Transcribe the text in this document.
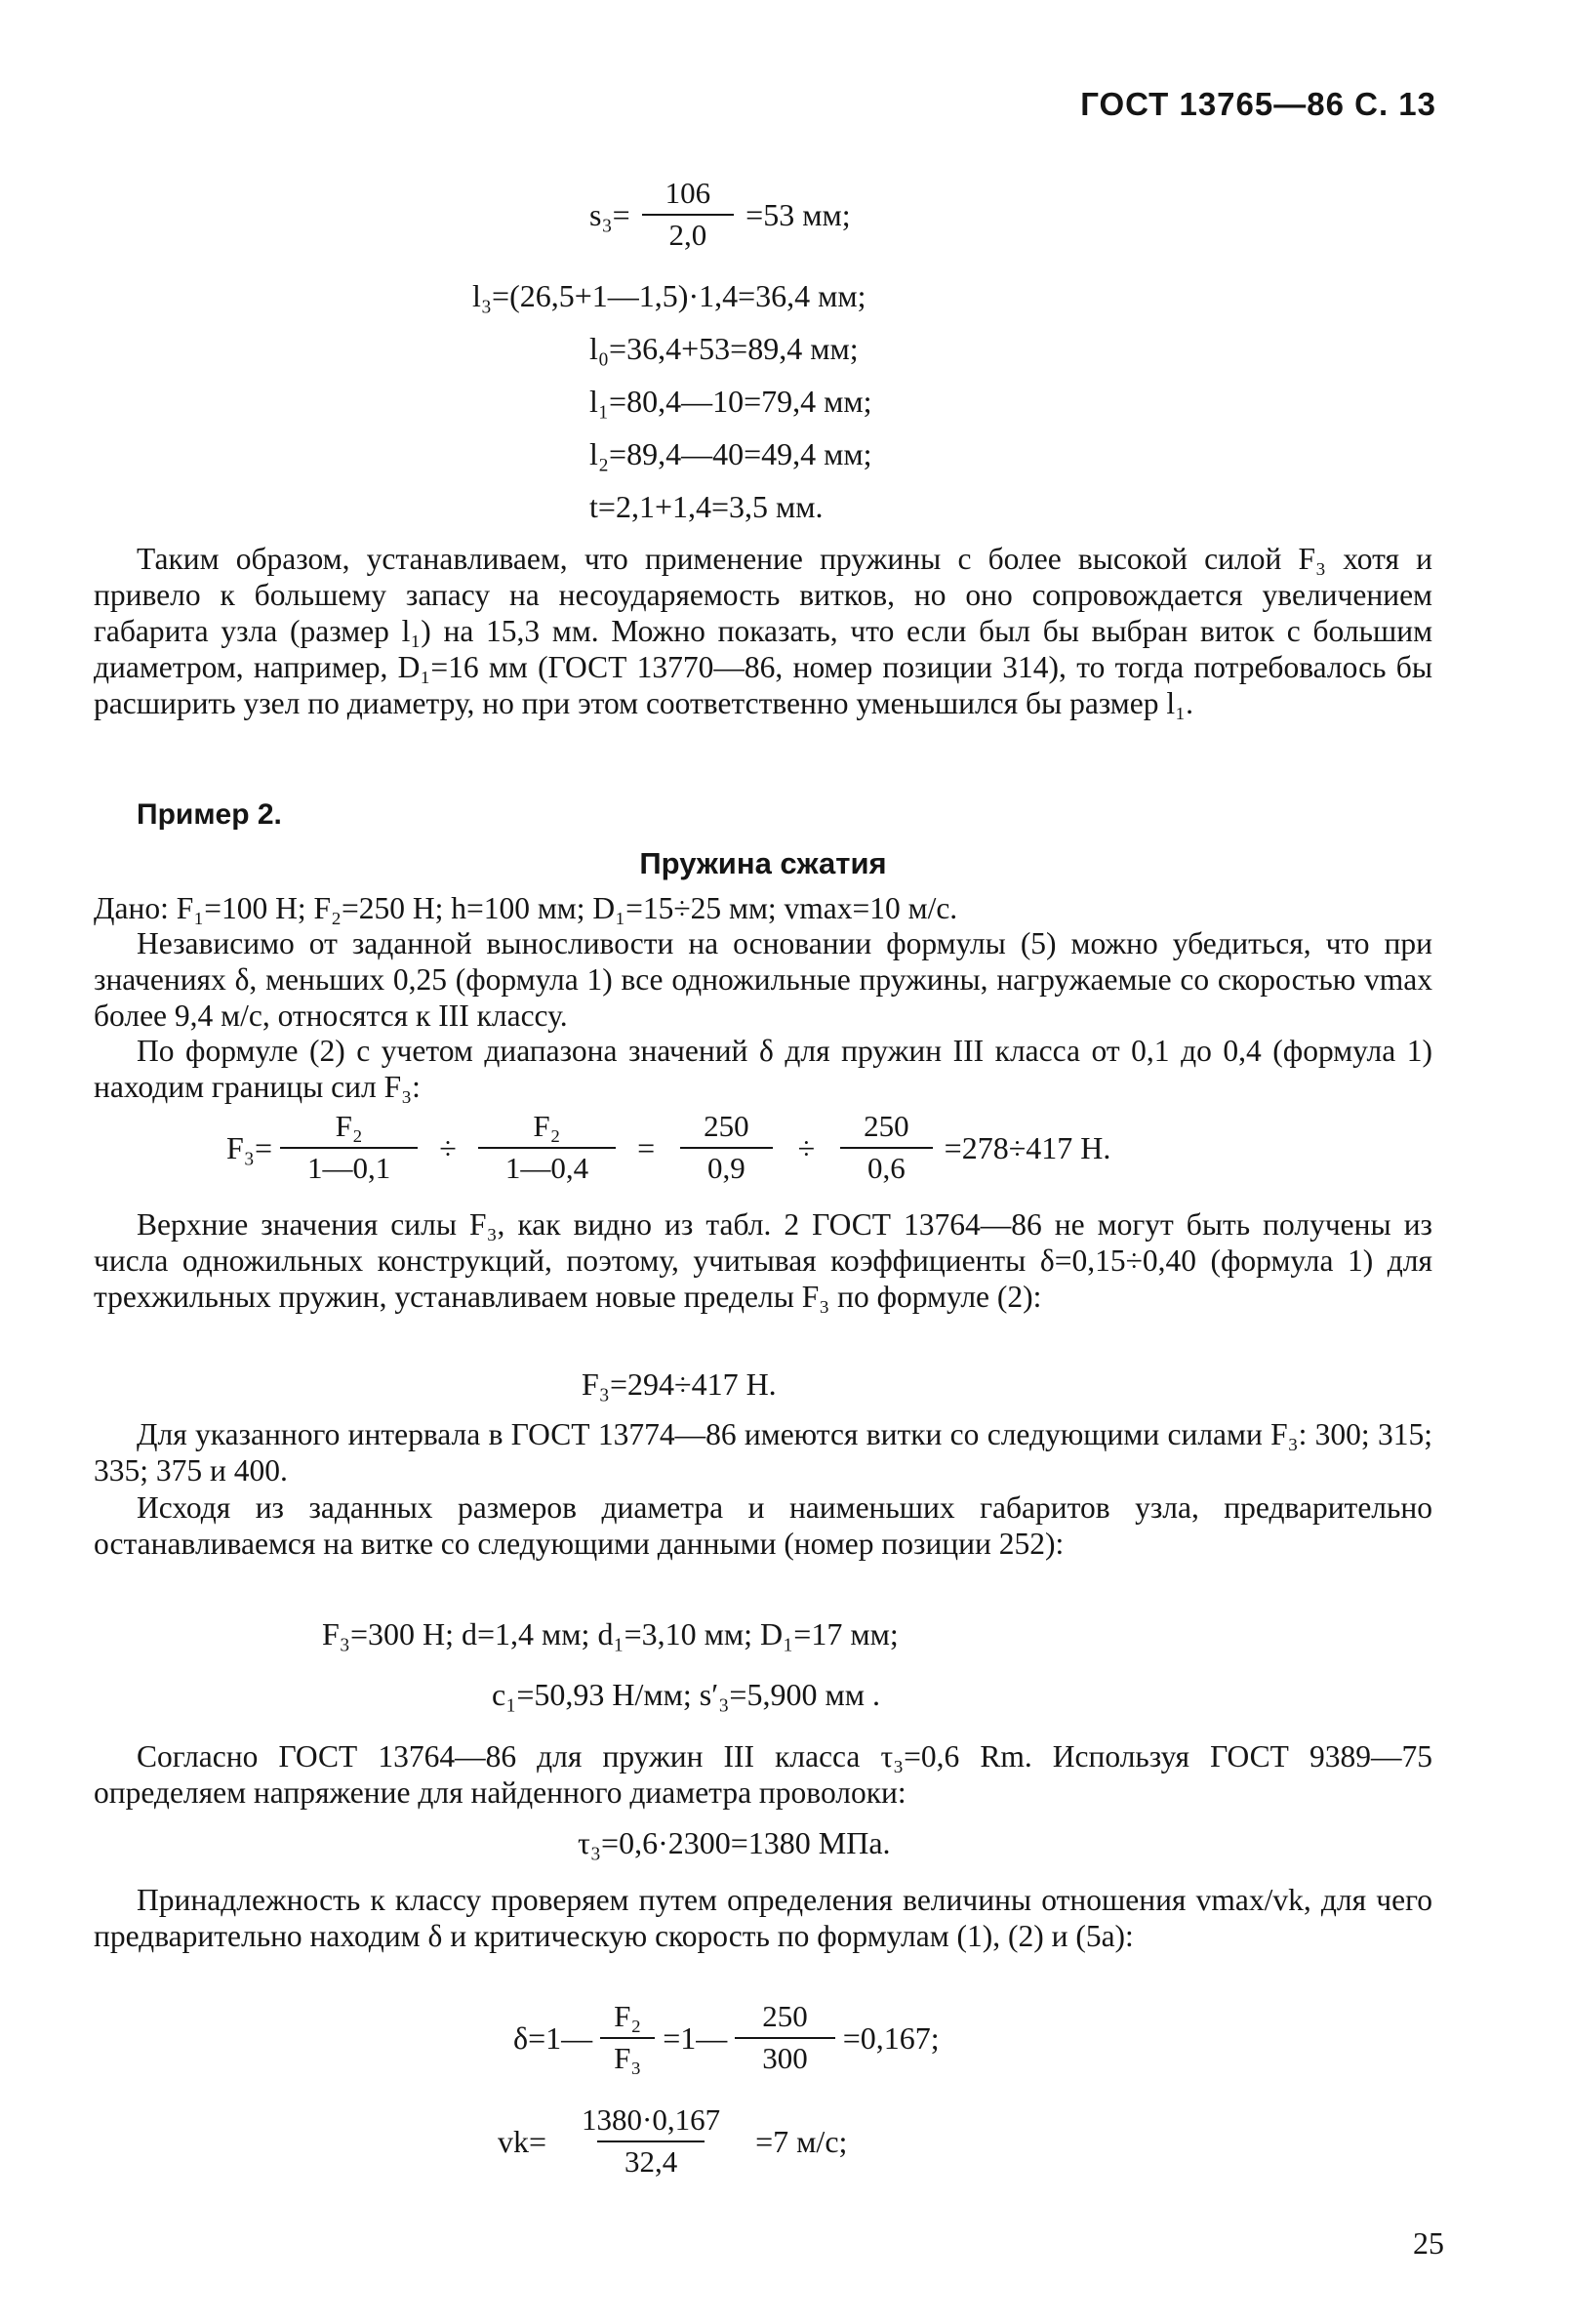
ГОСТ 13765—86 С. 13
$s_3= \frac{106}{2,0} =53$ мм;
l₃=(26,5+1—1,5)·1,4=36,4 мм;
l₀=36,4+53=89,4 мм;
l₁=80,4—10=79,4 мм;
l₂=89,4—40=49,4 мм;
t=2,1+1,4=3,5 мм.
Таким образом, устанавливаем, что применение пружины с более высокой силой F₃ хотя и привело к большему запасу на несоударяемость витков, но оно сопровождается увеличением габарита узла (размер l₁) на 15,3 мм. Можно показать, что если был бы выбран виток с большим диаметром, например, D₁=16 мм (ГОСТ 13770—86, номер позиции 314), то тогда потребовалось бы расширить узел по диаметру, но при этом соответственно уменьшился бы размер l₁.
Пример 2.
Пружина сжатия
Дано: F₁=100 Н; F₂=250 Н; h=100 мм; D₁=15÷25 мм; vmax=10 м/с.
Независимо от заданной выносливости на основании формулы (5) можно убедиться, что при значениях δ, меньших 0,25 (формула 1) все одножильные пружины, нагружаемые со скоростью vmax более 9,4 м/с, относятся к III классу.
По формуле (2) с учетом диапазона значений δ для пружин III класса от 0,1 до 0,4 (формула 1) находим границы сил F₃:
$F_3= \frac{\text{F₂}}{1—0,1} \div \frac{\text{F₂}}{1—0,4} = \frac{250}{0,9} \div \frac{250}{0,6} =278\div 417$ Н.
Верхние значения силы F₃, как видно из табл. 2 ГОСТ 13764—86 не могут быть получены из числа одножильных конструкций, поэтому, учитывая коэффициенты δ=0,15÷0,40 (формула 1) для трехжильных пружин, устанавливаем новые пределы F₃ по формуле (2):
F₃=294÷417 Н.
Для указанного интервала в ГОСТ 13774—86 имеются витки со следующими силами F₃: 300; 315; 335; 375 и 400.
Исходя из заданных размеров диаметра и наименьших габаритов узла, предварительно останавливаемся на витке со следующими данными (номер позиции 252):
F₃=300 Н; d=1,4 мм; d₁=3,10 мм; D₁=17 мм;
c₁=50,93 Н/мм; s′₃=5,900 мм .
Согласно ГОСТ 13764—86 для пружин III класса τ₃=0,6 Rm. Используя ГОСТ 9389—75 определяем напряжение для найденного диаметра проволоки:
τ₃=0,6·2300=1380 МПа.
Принадлежность к классу проверяем путем определения величины отношения vmax/vk, для чего предварительно находим δ и критическую скорость по формулам (1), (2) и (5а):
δ=1— $\frac{\text{F₂}}{\text{F₃}}$ =1— $\frac{250}{300} =0,167$;
$vk= \frac{1380\cdot 0,167}{32,4} =7$ м/с;
25
